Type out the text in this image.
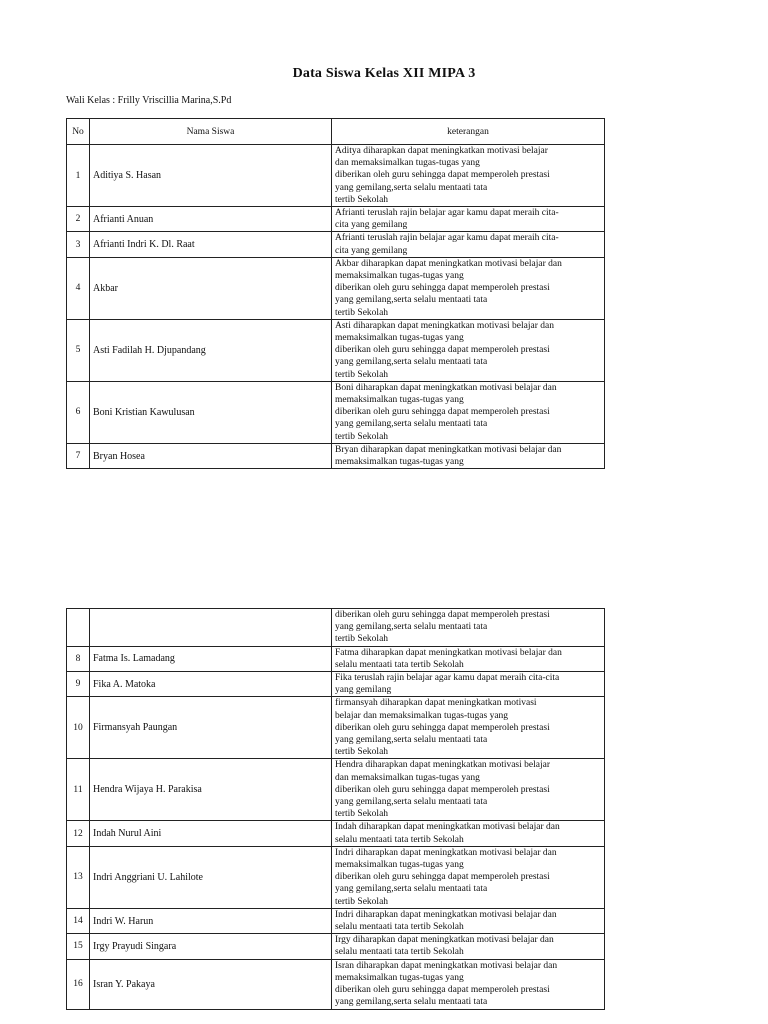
Data Siswa Kelas XII MIPA 3
Wali Kelas : Frilly Vriscillia Marina,S.Pd
No	Nama Siswa	keterangan
1	Aditiya S. Hasan	Aditya diharapkan dapat meningkatkan motivasi belajar
dan memaksimalkan tugas-tugas yang
diberikan oleh guru sehingga dapat memperoleh prestasi
yang gemilang,serta selalu mentaati tata
tertib Sekolah

2	Afrianti Anuan	Afrianti teruslah rajin belajar agar kamu dapat meraih cita-
cita yang gemilang

3	Afrianti Indri K. Dl. Raat	Afrianti teruslah rajin belajar agar kamu dapat meraih cita-
cita yang gemilang

4	Akbar	Akbar diharapkan dapat meningkatkan motivasi belajar dan
memaksimalkan tugas-tugas yang
diberikan oleh guru sehingga dapat memperoleh prestasi
yang gemilang,serta selalu mentaati tata
tertib Sekolah

5	Asti Fadilah H. Djupandang	Asti diharapkan dapat meningkatkan motivasi belajar dan
memaksimalkan tugas-tugas yang
diberikan oleh guru sehingga dapat memperoleh prestasi
yang gemilang,serta selalu mentaati tata
tertib Sekolah

6	Boni Kristian Kawulusan	Boni diharapkan dapat meningkatkan motivasi belajar dan
memaksimalkan tugas-tugas yang
diberikan oleh guru sehingga dapat memperoleh prestasi
yang gemilang,serta selalu mentaati tata
tertib Sekolah

7	Bryan Hosea	Bryan diharapkan dapat meningkatkan motivasi belajar dan
memaksimalkan tugas-tugas yang

		diberikan oleh guru sehingga dapat memperoleh prestasi
yang gemilang,serta selalu mentaati tata
tertib Sekolah

8	Fatma Is. Lamadang	Fatma diharapkan dapat meningkatkan motivasi belajar dan
selalu mentaati tata tertib Sekolah

9	Fika A. Matoka	Fika teruslah rajin belajar agar kamu dapat meraih cita-cita
yang gemilang

10	Firmansyah Paungan	firmansyah diharapkan dapat meningkatkan motivasi
belajar dan memaksimalkan tugas-tugas yang
diberikan oleh guru sehingga dapat memperoleh prestasi
yang gemilang,serta selalu mentaati tata
tertib Sekolah

11	Hendra Wijaya H. Parakisa	Hendra diharapkan dapat meningkatkan motivasi belajar
dan memaksimalkan tugas-tugas yang
diberikan oleh guru sehingga dapat memperoleh prestasi
yang gemilang,serta selalu mentaati tata
tertib Sekolah

12	Indah Nurul Aini	Indah diharapkan dapat meningkatkan motivasi belajar dan
selalu mentaati tata tertib Sekolah

13	Indri Anggriani U. Lahilote	Indri diharapkan dapat meningkatkan motivasi belajar dan
memaksimalkan tugas-tugas yang
diberikan oleh guru sehingga dapat memperoleh prestasi
yang gemilang,serta selalu mentaati tata
tertib Sekolah

14	Indri W. Harun	Indri diharapkan dapat meningkatkan motivasi belajar dan
selalu mentaati tata tertib Sekolah

15	Irgy Prayudi Singara	Irgy diharapkan dapat meningkatkan motivasi belajar dan
selalu mentaati tata tertib Sekolah

16	Isran Y. Pakaya	Isran diharapkan dapat meningkatkan motivasi belajar dan
memaksimalkan tugas-tugas yang
diberikan oleh guru sehingga dapat memperoleh prestasi
yang gemilang,serta selalu mentaati tata
